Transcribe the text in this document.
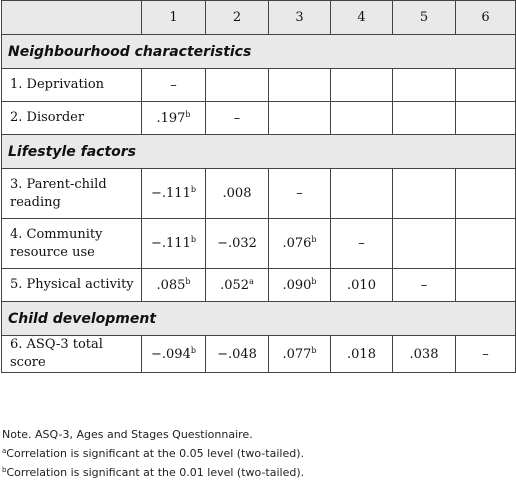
	1	2	3	4	5	6
Neighbourhood characteristics						
1. Deprivation	–					
2. Disorder	.197$^b$	–				
Lifestyle factors						
3. Parent-child reading	−.111$^b$	.008	–			
4. Community resource use	−.111$^b$	−.032	.076$^b$	–		
5. Physical activity	.085$^b$	.052$^a$	.090$^b$	.010	–	
Child development						
6. ASQ-3 total score	−.094$^b$	−.048	.077$^b$	.018	.038	–
Note. ASQ-3, Ages and Stages Questionnaire.
$^a$Correlation is significant at the 0.05 level (two-tailed).
$^b$Correlation is significant at the 0.01 level (two-tailed).
